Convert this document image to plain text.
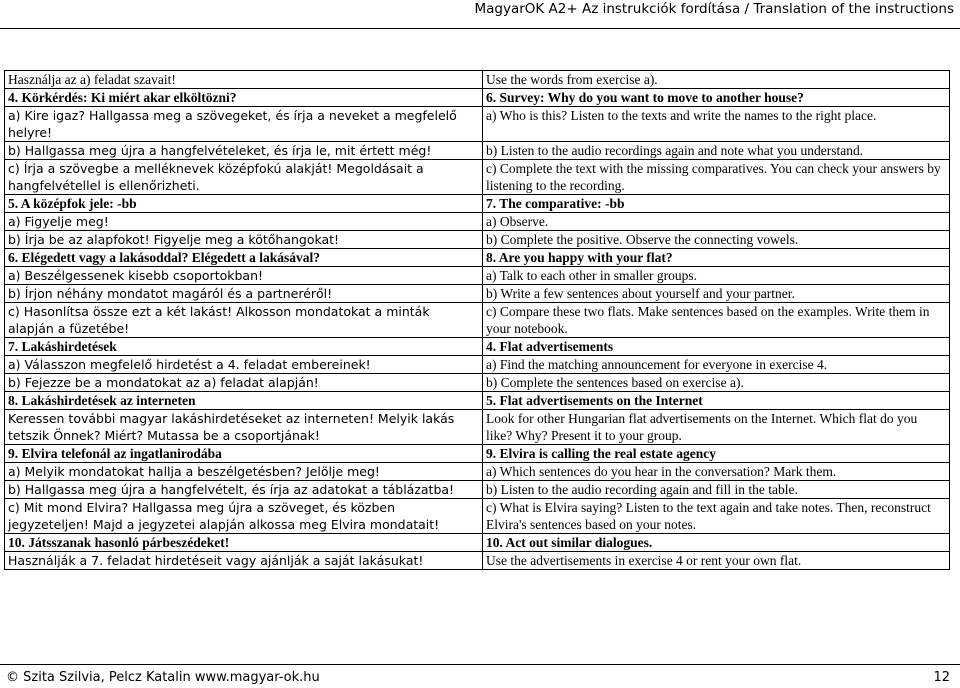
MagyarOK A2+ Az instrukciók fordítása / Translation of the instructions
Használja az a) feladat szavait!	Use the words from exercise a).
4. Körkérdés: Ki miért akar elköltözni?	6. Survey: Why do you want to move to another house?
a) Kire igaz? Hallgassa meg a szövegeket, és írja a neveket a megfelelő helyre!	a) Who is this? Listen to the texts and write the names to the right place.
b) Hallgassa meg újra a hangfelvételeket, és írja le, mit értett még!	b) Listen to the audio recordings again and note what you understand.
c) Írja a szövegbe a melléknevek középfokú alakját! Megoldásait a hangfelvétellel is ellenőrizheti.	c) Complete the text with the missing comparatives. You can check your answers by listening to the recording.
5. A középfok jele: -bb	7. The comparative: -bb
a) Figyelje meg!	a) Observe.
b) Írja be az alapfokot! Figyelje meg a kötőhangokat!	b) Complete the positive. Observe the connecting vowels.
6. Elégedett vagy a lakásoddal? Elégedett a lakásával?	8. Are you happy with your flat?
a) Beszélgessenek kisebb csoportokban!	a) Talk to each other in smaller groups.
b) Írjon néhány mondatot magáról és a partneréről!	b) Write a few sentences about yourself and your partner.
c) Hasonlítsa össze ezt a két lakást! Alkosson mondatokat a minták alapján a füzetébe!	c) Compare these two flats. Make sentences based on the examples. Write them in your notebook.
7. Lakáshirdetések	4. Flat advertisements
a) Válasszon megfelelő hirdetést a 4. feladat embereinek!	a) Find the matching announcement for everyone in exercise 4.
b) Fejezze be a mondatokat az a) feladat alapján!	b) Complete the sentences based on exercise a).
8. Lakáshirdetések az interneten	5. Flat advertisements on the Internet
Keressen további magyar lakáshirdetéseket az interneten! Melyik lakás tetszik Önnek? Miért? Mutassa be a csoportjának!	Look for other Hungarian flat advertisements on the Internet. Which flat do you like? Why? Present it to your group.
9. Elvira telefonál az ingatlanirodába	9. Elvira is calling the real estate agency
a) Melyik mondatokat hallja a beszélgetésben? Jelölje meg!	a) Which sentences do you hear in the conversation? Mark them.
b) Hallgassa meg újra a hangfelvételt, és írja az adatokat a táblázatba!	b) Listen to the audio recording again and fill in the table.
c) Mit mond Elvira? Hallgassa meg újra a szöveget, és közben jegyzeteljen! Majd a jegyzetei alapján alkossa meg Elvira mondatait!	c) What is Elvira saying? Listen to the text again and take notes. Then, reconstruct Elvira's sentences based on your notes.
10. Játsszanak hasonló párbeszédeket!	10. Act out similar dialogues.
Használják a 7. feladat hirdetéseit vagy ajánlják a saját lakásukat!	Use the advertisements in exercise 4 or rent your own flat.
© Szita Szilvia, Pelcz Katalin www.magyar-ok.hu	12
